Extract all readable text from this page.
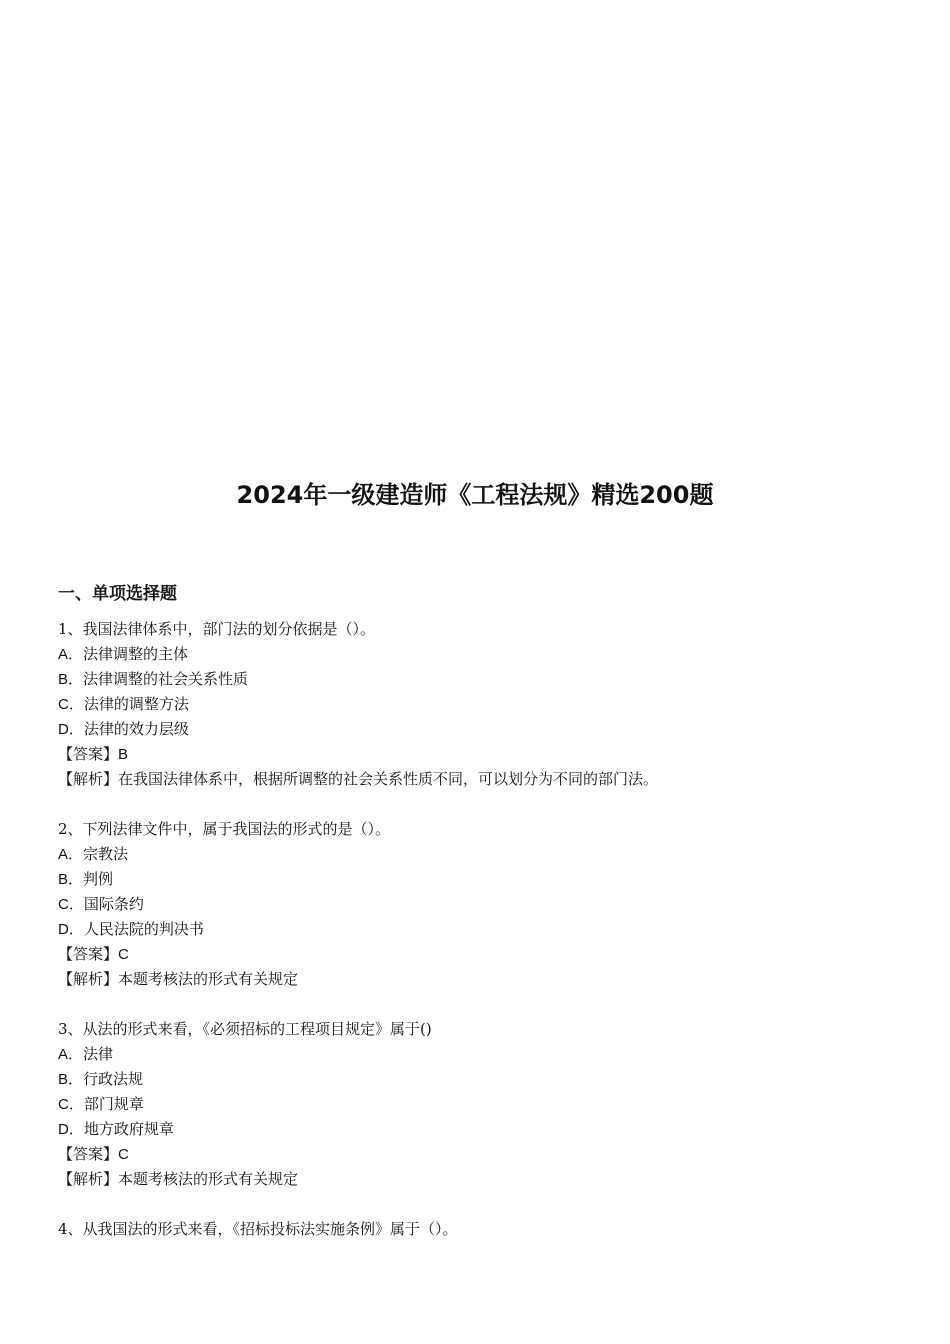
2024年一级建造师《工程法规》精选200题
一、单项选择题
1、我国法律体系中，部门法的划分依据是（）。
A．法律调整的主体
B．法律调整的社会关系性质
C．法律的调整方法
D．法律的效力层级
【答案】B
【解析】在我国法律体系中，根据所调整的社会关系性质不同，可以划分为不同的部门法。
2、下列法律文件中，属于我国法的形式的是（）。
A．宗教法
B．判例
C．国际条约
D．人民法院的判决书
【答案】C
【解析】本题考核法的形式有关规定
3、从法的形式来看，《必须招标的工程项目规定》属于()
A．法律
B．行政法规
C．部门规章
D．地方政府规章
【答案】C
【解析】本题考核法的形式有关规定
4、从我国法的形式来看，《招标投标法实施条例》属于（）。
